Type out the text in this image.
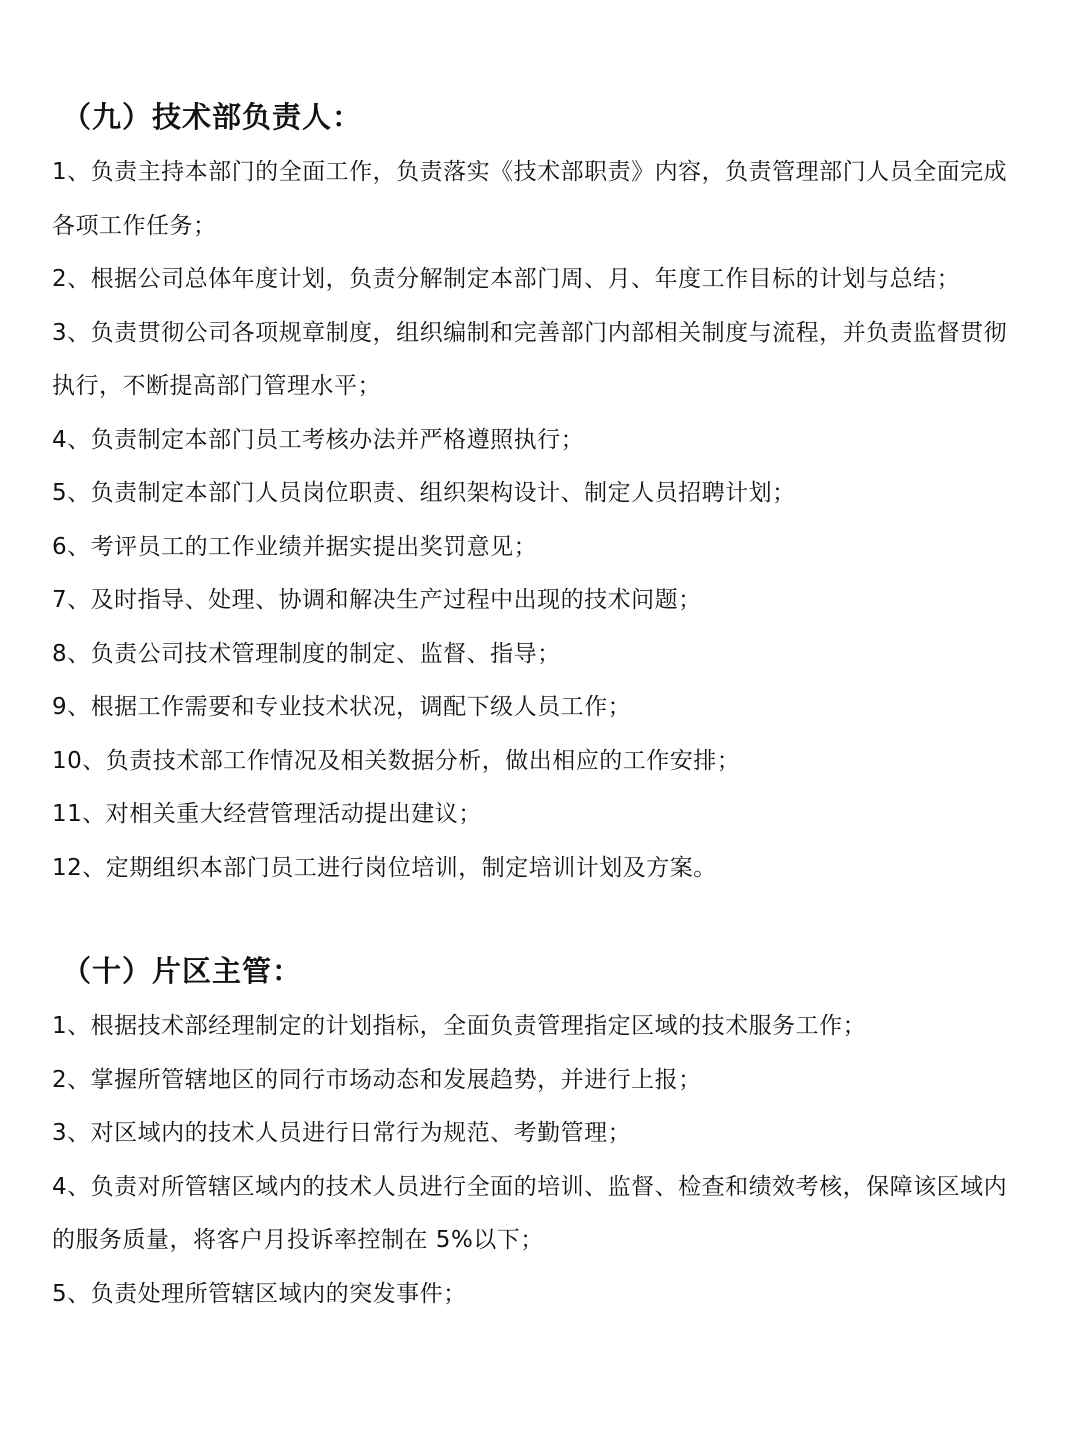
（九）技术部负责人：
1、负责主持本部门的全面工作，负责落实《技术部职责》内容，负责管理部门人员全面完成各项工作任务；
2、根据公司总体年度计划，负责分解制定本部门周、月、年度工作目标的计划与总结；
3、负责贯彻公司各项规章制度，组织编制和完善部门内部相关制度与流程，并负责监督贯彻执行，不断提高部门管理水平；
4、负责制定本部门员工考核办法并严格遵照执行；
5、负责制定本部门人员岗位职责、组织架构设计、制定人员招聘计划；
6、考评员工的工作业绩并据实提出奖罚意见；
7、及时指导、处理、协调和解决生产过程中出现的技术问题；
8、负责公司技术管理制度的制定、监督、指导；
9、根据工作需要和专业技术状况，调配下级人员工作；
10、负责技术部工作情况及相关数据分析，做出相应的工作安排；
11、对相关重大经营管理活动提出建议；
12、定期组织本部门员工进行岗位培训，制定培训计划及方案。
（十）片区主管：
1、根据技术部经理制定的计划指标，全面负责管理指定区域的技术服务工作；
2、掌握所管辖地区的同行市场动态和发展趋势，并进行上报；
3、对区域内的技术人员进行日常行为规范、考勤管理；
4、负责对所管辖区域内的技术人员进行全面的培训、监督、检查和绩效考核，保障该区域内的服务质量，将客户月投诉率控制在 5%以下；
5、负责处理所管辖区域内的突发事件；
